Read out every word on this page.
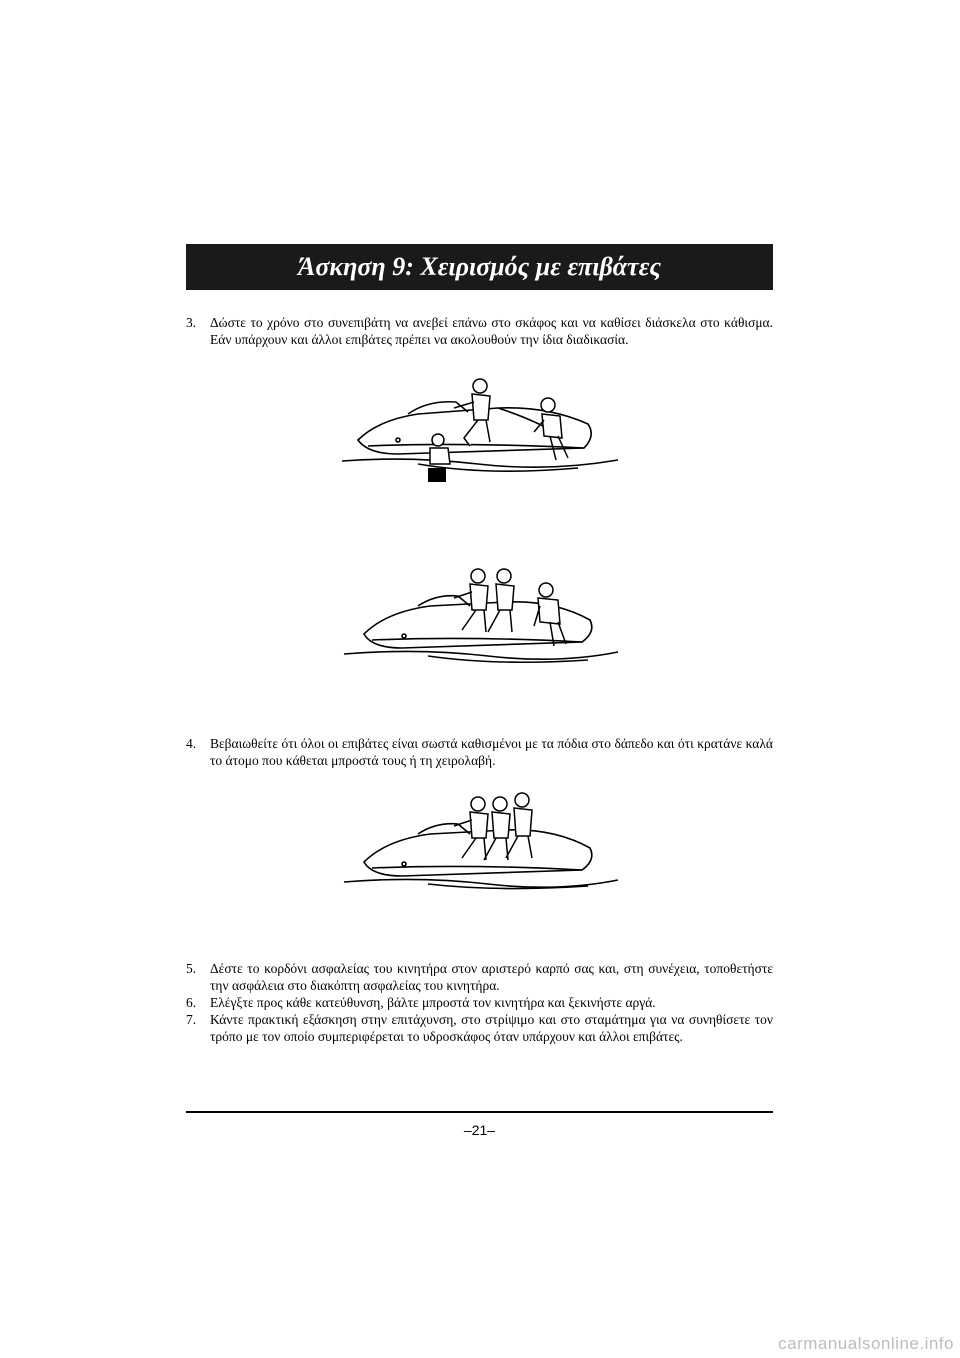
Άσκηση 9: Χειρισμός με επιβάτες
3.	Δώστε το χρόνο στο συνεπιβάτη να ανεβεί επάνω στο σκάφος και να καθίσει διάσκελα στο κάθισμα. Εάν υπάρχουν και άλλοι επιβάτες πρέπει να ακολουθούν την ίδια διαδικασία.
4.	Βεβαιωθείτε ότι όλοι οι επιβάτες είναι σωστά καθισμένοι με τα πόδια στο δάπεδο και ότι κρατάνε καλά το άτομο που κάθεται μπροστά τους ή τη χειρολαβή.
5.	Δέστε το κορδόνι ασφαλείας του κινητήρα στον αριστερό καρπό σας και, στη συνέχεια, τοποθετήστε την ασφάλεια στο διακόπτη ασφαλείας του κινητήρα.
6.	Ελέγξτε προς κάθε κατεύθυνση, βάλτε μπροστά τον κινητήρα και ξεκινήστε αργά.
7.	Κάντε πρακτική εξάσκηση στην επιτάχυνση, στο στρίψιμο και στο σταμάτημα για να συνηθίσετε τον τρόπο με τον οποίο συμπεριφέρεται το υδροσκάφος όταν υπάρχουν και άλλοι επιβάτες.
–21–
carmanualsonline.info
